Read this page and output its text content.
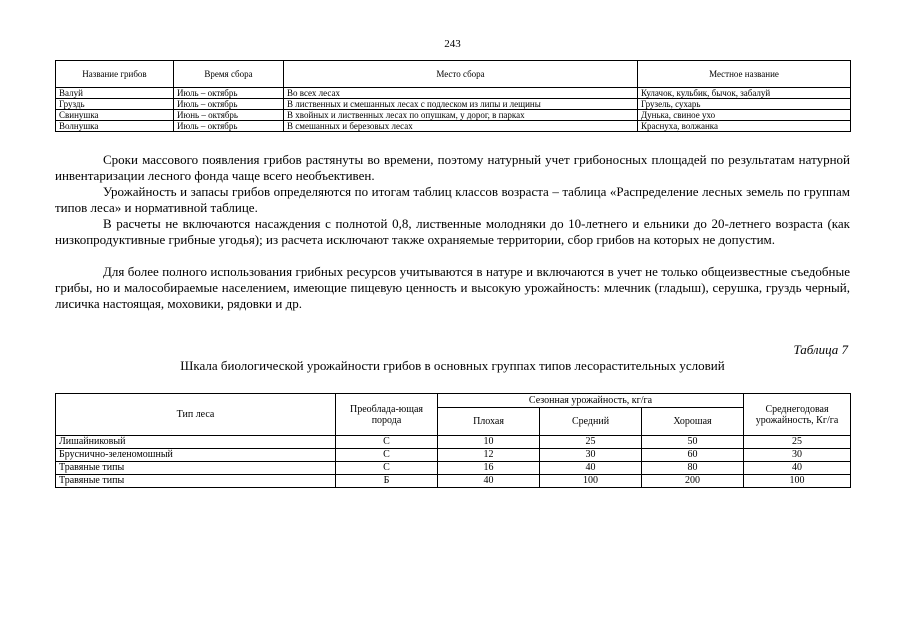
243
Название грибов	Время сбора	Место сбора	Местное название
Валуй	Июль – октябрь	Во всех лесах	Кулачок, кульбик, бычок, забалуй
Груздь	Июль – октябрь	В лиственных и смешанных лесах с подлеском из липы и лещины	Грузель, сухарь
Свинушка	Июнь – октябрь	В хвойных и лиственных лесах по опушкам, у дорог, в парках	Дунька, свиное ухо
Волнушка	Июль – октябрь	В смешанных и березовых лесах	Краснуха, волжанка

Сроки массового появления грибов растянуты во времени, поэтому натурный учет грибоносных площадей по результатам натурной инвентаризации лесного фонда чаще всего необъективен.

Урожайность и запасы грибов определяются по итогам таблиц классов возраста – таблица «Распределение лесных земель по группам типов леса» и нормативной таблице.

В расчеты не включаются насаждения с полнотой 0,8, лиственные молодняки до 10-летнего и ельники до 20-летнего возраста (как низкопродуктивные грибные угодья); из расчета исключают также охраняемые территории, сбор грибов на которых не допустим.

Для более полного использования грибных ресурсов учитываются в натуре и включаются в учет не только общеизвестные съедобные грибы, но и малособираемые населением, имеющие пищевую ценность и высокую урожайность: млечник (гладыш), серушка, груздь черный, лисичка настоящая, моховики, рядовки и др.

Таблица 7
Шкала биологической урожайности грибов в основных группах типов лесорастительных условий
Тип леса	Преоблада-ющая порода	Сезонная урожайность, кг/га			Среднегодовая урожайность, Кг/га
		Плохая	Средний	Хорошая	
Лишайниковый	С	10	25	50	25
Брусничнo-зеленомошный	С	12	30	60	30
Травяные типы	С	16	40	80	40
Травяные типы	Б	40	100	200	100
